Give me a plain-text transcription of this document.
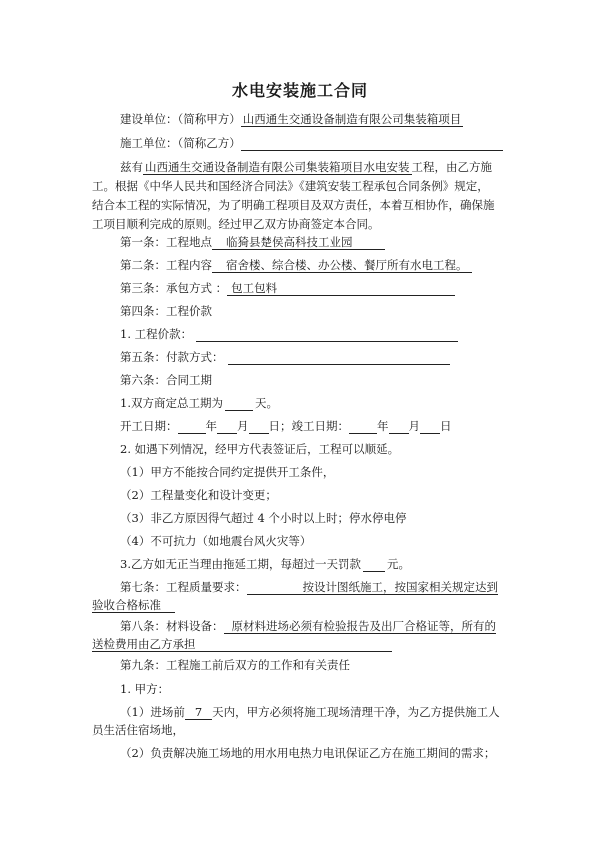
水电安装施工合同
建设单位：（简称甲方） 山西通生交通设备制造有限公司集装箱项目
施工单位：（简称乙方）
兹有 山西通生交通设备制造有限公司集装箱项目水电安装 工程，由乙方施
工。根据《中华人民共和国经济合同法》《建筑安装工程承包合同条例》规定，
结合本工程的实际情况，为了明确工程项目及双方责任，本着互相协作，确保施
工项目顺利完成的原则。经过甲乙双方协商签定本合同。
第一条：工程地点 临猗县楚侯高科技工业园
第二条：工程内容 宿舍楼、综合楼、办公楼、餐厅所有水电工程。
第三条：承包方式 ： 包工包料
第四条：工程价款
1. 工程价款：
第五条：付款方式：
第六条：合同工期
1.双方商定总工期为	天。
开工日期： 年 月 日；竣工日期： 年 月 日
2. 如遇下列情况，经甲方代表签证后，工程可以顺延。
（1）甲方不能按合同约定提供开工条件，
（2）工程量变化和设计变更；
（3）非乙方原因得气超过 4 个小时以上时；停水停电停
（4）不可抗力（如地震台风火灾等）
3.乙方如无正当理由拖延工期，每超过一天罚款 元。
第七条：工程质量要求：	按设计图纸施工，按国家相关规定达到
验收合格标准
第八条：材料设备： 原材料进场必须有检验报告及出厂合格证等，所有的
送检费用由乙方承担
第九条：工程施工前后双方的工作和有关责任
1. 甲方：
（1）进场前 7 天内，甲方必须将施工现场清理干净，为乙方提供施工人
员生活住宿场地，
（2）负责解决施工场地的用水用电热力电讯保证乙方在施工期间的需求；
